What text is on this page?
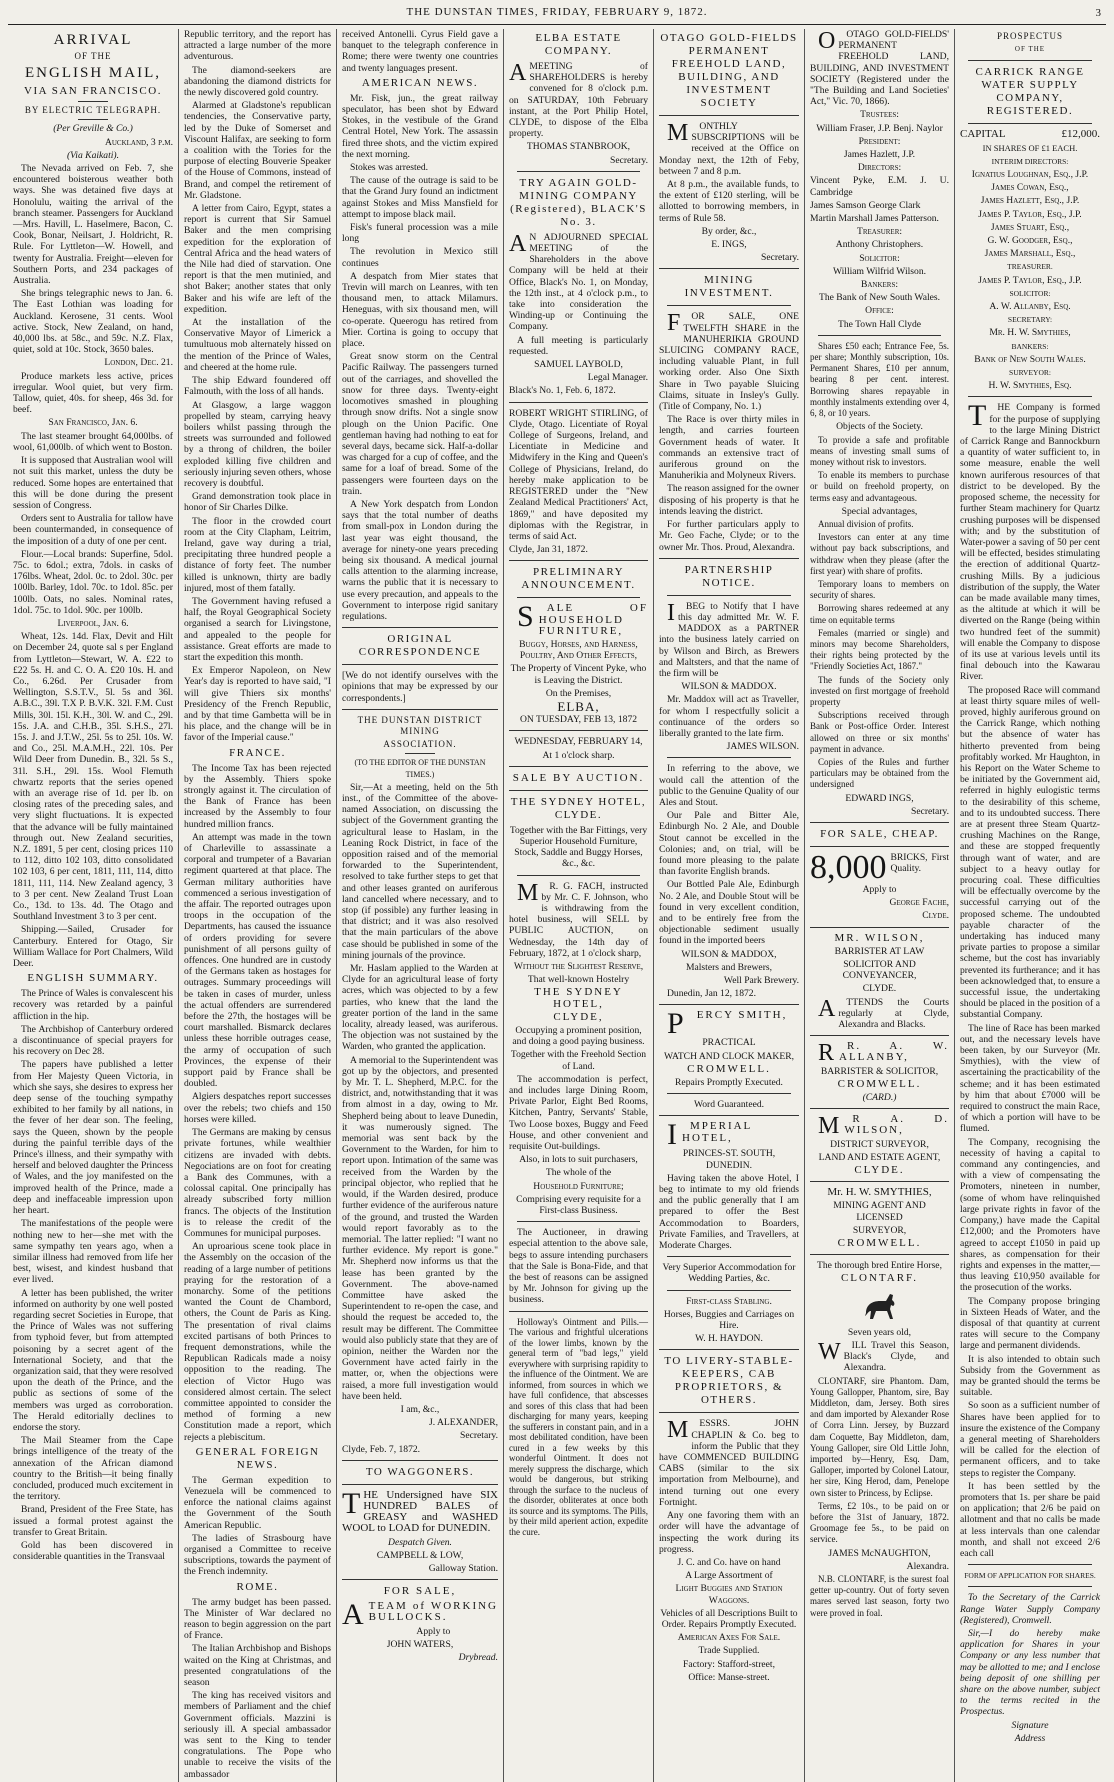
THE DUNSTAN TIMES, FRIDAY, FEBRUARY 9, 1872.	3
ARRIVAL
OF THE
ENGLISH MAIL,
VIA SAN FRANCISCO.
BY ELECTRIC TELEGRAPH.

(Per Greville & Co.)

Auckland, 3 p.m.

(Via Kaikati).

The Nevada arrived on Feb. 7, she encountered boisterous weather both ways. She was detained five days at Honolulu, waiting the arrival of the branch steamer. Passengers for Auckland—Mrs. Havill, L. Haselmere, Bacon, C. Cook, Bonar, Neilsart, J. Holdricht, R. Rule. For Lyttleton—W. Howell, and twenty for Australia. Freight—eleven for Southern Ports, and 234 packages of Australia.

She brings telegraphic news to Jan. 6. The East Lothian was loading for Auckland. Kerosene, 31 cents. Wool active. Stock, New Zealand, on hand, 40,000 lbs. at 58c., and 59c. N.Z. Flax, quiet, sold at 10c. Stock, 3650 bales.

London, Dec. 21.

Produce markets less active, prices irregular. Wool quiet, but very firm. Tallow, quiet, 40s. for sheep, 46s 3d. for beef.

San Francisco, Jan. 6.

The last steamer brought 64,000lbs. of wool, 61,000lb. of which went to Boston.

It is supposed that Australian wool will not suit this market, unless the duty be reduced. Some hopes are entertained that this will be done during the present session of Congress.

Orders sent to Australia for tallow have been countermanded, in consequence of the imposition of a duty of one per cent.

Flour.—Local brands: Superfine, 5dol. 75c. to 6dol.; extra, 7dols. in casks of 176lbs. Wheat, 2dol. 0c. to 2dol. 30c. per 100lb. Barley, 1dol. 70c. to 1dol. 85c. per 100lb. Oats, no sales. Nominal rates, 1dol. 75c. to 1dol. 90c. per 100lb.

Liverpool, Jan. 6.

Wheat, 12s. 14d. Flax, Devit and Hilt on December 24, quote sal s per England from Lyttleton—Stewart, W. A. £22 to £22 5s. H. and C. O. A. £20 10s. H. and Co., 6.26d. Per Crusader from Wellington, S.S.T.V., 5l. 5s and 36l. A.B.C., 39l. T.X P. B.V.K. 32l. F.M. Cust Mills, 30l. 15l. K.H., 30l. W. and C., 29l. 15s. J.A. and C.H.B., 35l. S.H.S., 27l. 15s. J. and J.T.W., 25l. 5s to 25l. 10s. W. and Co., 25l. M.A.M.H., 22l. 10s. Per Wild Deer from Dunedin. B., 32l. 5s S., 31l. S.H., 29l. 15s. Wool Flemuth chwartz reports that the series opened with an average rise of 1d. per lb. on closing rates of the preceding sales, and very slight fluctuations. It is expected that the advance will be fully maintained through out. New Zealand securities, N.Z. 1891, 5 per cent, closing prices 110 to 112, ditto 102 103, ditto consolidated 102 103, 6 per cent, 1811, 111, 114, ditto 1811, 111, 114. New Zealand agency, 3 to 3 per cent. New Zealand Trust Loan Co., 13d. to 13s. 4d. The Otago and Southland Investment 3 to 3 per cent.

Shipping.—Sailed, Crusader for Canterbury. Entered for Otago, Sir William Wallace for Port Chalmers, Wild Deer.

ENGLISH SUMMARY.

The Prince of Wales is convalescent his recovery was retarded by a painful affliction in the hip.

The Archbishop of Canterbury ordered a discontinuance of special prayers for his recovery on Dec 28.

The papers have published a letter from Her Majesty Queen Victoria, in which she says, she desires to express her deep sense of the touching sympathy exhibited to her family by all nations, in the fever of her dear son. The feeling, says the Queen, shown by the people during the painful terrible days of the Prince's illness, and their sympathy with herself and beloved daughter the Princess of Wales, and the joy manifested on the improved health of the Prince, made a deep and ineffaceable impression upon her heart.

The manifestations of the people were nothing new to her—she met with the same sympathy ten years ago, when a similar illness had removed from life her best, wisest, and kindest husband that ever lived.

A letter has been published, the writer informed on authority by one well posted regarding secret Societies in Europe, that the Prince of Wales was not suffering from typhoid fever, but from attempted poisoning by a secret agent of the International Society, and that the organization said, that they were resolved upon the death of the Prince, and the public as sections of some of the members was urged as corroboration. The Herald editorially declines to endorse the story.

The Mail Steamer from the Cape brings intelligence of the treaty of the annexation of the African diamond country to the British—it being finally concluded, produced much excitement in the territory.

Brand, President of the Free State, has issued a formal protest against the transfer to Great Britain.

Gold has been discovered in considerable quantities in the Transvaal

Republic territory, and the report has attracted a large number of the more adventurous.

The diamond-seekers are abandoning the diamond districts for the newly discovered gold country.

Alarmed at Gladstone's republican tendencies, the Conservative party, led by the Duke of Somerset and Viscount Halifax, are seeking to form a coalition with the Tories for the purpose of electing Bouverie Speaker of the House of Commons, instead of Brand, and compel the retirement of Mr. Gladstone.

A letter from Cairo, Egypt, states a report is current that Sir Samuel Baker and the men comprising expedition for the exploration of Central Africa and the head waters of the Nile had died of starvation. One report is that the men mutinied, and shot Baker; another states that only Baker and his wife are left of the expedition.

At the installation of the Conservative Mayor of Limerick a tumultuous mob alternately hissed on the mention of the Prince of Wales, and cheered at the home rule.

The ship Edward foundered off Falmouth, with the loss of all hands.

At Glasgow, a large waggon propelled by steam, carrying heavy boilers whilst passing through the streets was surrounded and followed by a throng of children, the boiler exploded killing five children and seriously injuring seven others, whose recovery is doubtful.

Grand demonstration took place in honor of Sir Charles Dilke.

The floor in the crowded court room at the City Clapham, Leitrim, Ireland, gave way during a trial, precipitating three hundred people a distance of forty feet. The number killed is unknown, thirty are badly injured, most of them fatally.

The Government having refused a half, the Royal Geographical Society organised a search for Livingstone, and appealed to the people for assistance. Great efforts are made to start the expedition this month.

Ex Emperor Napoleon, on New Year's day is reported to have said, "I will give Thiers six months' Presidency of the French Republic, and by that time Gambetta will be in his place, and the change will be in favor of the Imperial cause."

FRANCE.

The Income Tax has been rejected by the Assembly. Thiers spoke strongly against it. The circulation of the Bank of France has been increased by the Assembly to four hundred million francs.

An attempt was made in the town of Charleville to assassinate a corporal and trumpeter of a Bavarian regiment quartered at that place. The German military authorities have commenced a serious investigation of the affair. The reported outrages upon troops in the occupation of the Departments, has caused the issuance of orders providing for severe punishment of all persons guilty of offences. One hundred are in custody of the Germans taken as hostages for outrages. Summary proceedings will be taken in cases of murder, unless the actual offenders are surrendered before the 27th, the hostages will be court marshalled. Bismarck declares unless these horrible outrages cease, the army of occupation of such Provinces, the expense of their support paid by France shall be doubled.

Algiers despatches report successes over the rebels; two chiefs and 150 horses were killed.

The Germans are making by census private fortunes, while wealthier citizens are invaded with debts. Negociations are on foot for creating a Bank des Communes, with a colossal capital. One principally has already subscribed forty million francs. The objects of the Institution is to release the credit of the Communes for municipal purposes.

An uproarious scene took place in the Assembly on the occasion of the reading of a large number of petitions praying for the restoration of a monarchy. Some of the petitions wanted the Count de Chambord, others, the Count de Paris as King. The presentation of rival claims excited partisans of both Princes to frequent demonstrations, while the Republican Radicals made a noisy opposition to the reading. The election of Victor Hugo was considered almost certain. The select committee appointed to consider the method of forming a new Constitution made a report, which rejects a plebiscitum.

GENERAL FOREIGN NEWS.

The German expedition to Venezuela will be commenced to enforce the national claims against the Government of the South American Republic.

The ladies of Strasbourg have organised a Committee to receive subscriptions, towards the payment of the French indemnity.

ROME.

The army budget has been passed. The Minister of War declared no reason to begin aggression on the part of France.

The Italian Archbishop and Bishops waited on the King at Christmas, and presented congratulations of the season

The king has received visitors and members of Parliament and the chief Government officials. Mazzini is seriously ill. A special ambassador was sent to the King to tender congratulations. The Pope who unable to receive the visits of the ambassador

received Antonelli. Cyrus Field gave a banquet to the telegraph conference in Rome; there were twenty one countries and twenty languages present.

AMERICAN NEWS.

Mr. Fisk, jun., the great railway speculator, has been shot by Edward Stokes, in the vestibule of the Grand Central Hotel, New York. The assassin fired three shots, and the victim expired the next morning.

Stokes was arrested.

The cause of the outrage is said to be that the Grand Jury found an indictment against Stokes and Miss Mansfield for attempt to impose black mail.

Fisk's funeral procession was a mile long

The revolution in Mexico still continues

A despatch from Mier states that Trevin will march on Leanres, with ten thousand men, to attack Milamurs. Heneguas, with six thousand men, will co-operate. Queerogu has retired from Mier. Cortina is going to occupy that place.

Great snow storm on the Central Pacific Railway. The passengers turned out of the carriages, and shovelled the snow for three days. Twenty-eight locomotives smashed in ploughing through snow drifts. Not a single snow plough on the Union Pacific. One gentleman having had nothing to eat for several days, became sick. Half-a-dollar was charged for a cup of coffee, and the same for a loaf of bread. Some of the passengers were fourteen days on the train.

A New York despatch from London says that the total number of deaths from small-pox in London during the last year was eight thousand, the average for ninety-one years preceding being six thousand. A medical journal calls attention to the alarming increase, warns the public that it is necessary to use every precaution, and appeals to the Government to interpose rigid sanitary regulations.

ORIGINAL CORRESPONDENCE

[We do not identify ourselves with the opinions that may be expressed by our correspondents.]

THE DUNSTAN DISTRICT MINING
ASSOCIATION.

(TO THE EDITOR OF THE DUNSTAN TIMES.)

Sir,—At a meeting, held on the 5th inst., of the Committee of the above-named Association, on discussing the subject of the Government granting the agricultural lease to Haslam, in the Leaning Rock District, in face of the opposition raised and of the memorial forwarded to the Superintendent, resolved to take further steps to get that and other leases granted on auriferous land cancelled where necessary, and to stop (if possible) any further leasing in that district; and it was also resolved that the main particulars of the above case should be published in some of the mining journals of the province.

Mr. Haslam applied to the Warden at Clyde for an agricultural lease of forty acres, which was objected to by a few parties, who knew that the land the greater portion of the land in the same locality, already leased, was auriferous. The objection was not sustained by the Warden, who granted the application.

A memorial to the Superintendent was got up by the objectors, and presented by Mr. T. L. Shepherd, M.P.C. for the district, and, notwithstanding that it was from almost in a day, owing to Mr. Shepherd being about to leave Dunedin, it was numerously signed. The memorial was sent back by the Government to the Warden, for him to report upon. Intimation of the same was received from the Warden by the principal objector, who replied that he would, if the Warden desired, produce further evidence of the auriferous nature of the ground, and trusted the Warden would report favorably as to the memorial. The latter replied: "I want no further evidence. My report is gone." Mr. Shepherd now informs us that the lease has been granted by the Government. The above-named Committee have asked the Superintendent to re-open the case, and should the request be acceded to, the result may be different. The Committee would also publicly state that they are of opinion, neither the Warden nor the Government have acted fairly in the matter, or, when the objections were raised, a more full investigation would have been held.

I am, &c.,

J. ALEXANDER,

Secretary.

Clyde, Feb. 7, 1872.

TO WAGGONERS.

THE Undersigned have SIX HUNDRED BALES of GREASY and WASHED WOOL to LOAD for DUNEDIN.

Despatch Given.

CAMPBELL & LOW,

Galloway Station.

FOR SALE,

ATEAM of WORKING BULLOCKS.

Apply to

JOHN WATERS,

Drybread.

ELBA ESTATE COMPANY.

AMEETING of SHAREHOLDERS is hereby convened for 8 o'clock p.m. on SATURDAY, 10th February instant, at the Port Philip Hotel, CLYDE, to dispose of the Elba property.

THOMAS STANBROOK,

Secretary.

TRY AGAIN GOLD-MINING COMPANY (Registered), BLACK'S No. 3.

A N ADJOURNED SPECIAL MEETING of the Shareholders in the above Company will be held at their Office, Black's No. 1, on Monday, the 12th inst., at 4 o'clock p.m., to take into consideration the Winding-up or Continuing the Company.

A full meeting is particularly requested.

SAMUEL LAYBOLD,

Legal Manager.

Black's No. 1, Feb. 6, 1872.

ROBERT WRIGHT STIRLING, of Clyde, Otago. Licentiate of Royal College of Surgeons, Ireland, and Licentiate in Medicine and Midwifery in the King and Queen's College of Physicians, Ireland, do hereby make application to be REGISTERED under the "New Zealand Medical Practitioners' Act, 1869," and have deposited my diplomas with the Registrar, in terms of said Act.

Clyde, Jan 31, 1872.

PRELIMINARY ANNOUNCEMENT.

S ALE OF HOUSEHOLD FURNITURE,

Buggy, Horses, and Harness, Poultry, And Other Effects,

The Property of Vincent Pyke, who is Leaving the District.

On the Premises,

ELBA,

ON TUESDAY, FEB 13, 1872

WEDNESDAY, FEBRUARY 14,

At 1 o'clock sharp.

SALE BY AUCTION.
THE SYDNEY HOTEL, CLYDE.

Together with the Bar Fittings, very Superior Household Furniture, Stock, Saddle and Buggy Horses, &c., &c.

M R. G. FACH, instructed by Mr. C. F. Johnson, who is withdrawing from the hotel business, will SELL by PUBLIC AUCTION, on Wednesday, the 14th day of February, 1872, at 1 o'clock sharp,

Without the Slightest Reserve,

That well-known Hostelry

THE SYDNEY HOTEL,

CLYDE,

Occupying a prominent position, and doing a good paying business.

Together with the Freehold Section of Land.

The accommodation is perfect, and includes large Dining Room, Private Parlor, Eight Bed Rooms, Kitchen, Pantry, Servants' Stable, Two Loose boxes, Buggy and Feed House, and other convenient and requisite Out-buildings.

Also, in lots to suit purchasers,

The whole of the

Household Furniture;

Comprising every requisite for a First-class Business.

The Auctioneer, in drawing especial attention to the above sale, begs to assure intending purchasers that the Sale is Bona-Fide, and that the best of reasons can be assigned by Mr. Johnson for giving up the business.

Holloway's Ointment and Pills.—The various and frightful ulcerations of the lower limbs, known by the general term of "bad legs," yield everywhere with surprising rapidity to the influence of the Ointment. We are informed, from sources in which we have full confidence, that abscesses and sores of this class that had been discharging for many years, keeping the sufferers in constant pain, and in a most debilitated condition, have been cured in a few weeks by this wonderful Ointment. It does not merely suppress the discharge, which would be dangerous, but striking through the surface to the nucleus of the disorder, obliterates at once both its source and its symptoms. The Pills, by their mild aperient action, expedite the cure.

OTAGO GOLD-FIELDS PERMANENT FREEHOLD LAND, BUILDING, AND INVESTMENT SOCIETY

M ONTHLY SUBSCRIPTIONS will be received at the Office on Monday next, the 12th of Feby, between 7 and 8 p.m.

At 8 p.m., the available funds, to the extent of £120 sterling, will be allotted to borrowing members, in terms of Rule 58.

By order, &c.,

E. INGS,

Secretary.

MINING INVESTMENT.

F OR SALE, ONE TWELFTH SHARE in the MANUHERIKIA GROUND SLUICING COMPANY RACE, including valuable Plant, in full working order. Also One Sixth Share in Two payable Sluicing Claims, situate in Insley's Gully. (Title of Company, No. 1.)

The Race is over thirty miles in length, and carries fourteen Government heads of water. It commands an extensive tract of auriferous ground on the Manuherikia and Molyneux Rivers.

The reason assigned for the owner disposing of his property is that he intends leaving the district.

For further particulars apply to Mr. Geo Fache, Clyde; or to the owner Mr. Thos. Proud, Alexandra.

PARTNERSHIP NOTICE.

I BEG to Notify that I have this day admitted Mr. W. F. MADDOX as a PARTNER into the business lately carried on by Wilson and Birch, as Brewers and Maltsters, and that the name of the firm will be

WILSON & MADDOX.

Mr. Maddox will act as Traveller, for whom I respectfully solicit a continuance of the orders so liberally granted to the late firm.

JAMES WILSON.

In referring to the above, we would call the attention of the public to the Genuine Quality of our Ales and Stout.

Our Pale and Bitter Ale, Edinburgh No. 2 Ale, and Double Stout cannot be excelled in the Colonies; and, on trial, will be found more pleasing to the palate than favorite English brands.

Our Bottled Pale Ale, Edinburgh No. 2 Ale, and Double Stout will be found in very excellent condition, and to be entirely free from the objectionable sediment usually found in the imported beers

WILSON & MADDOX,

Malsters and Brewers,

Well Park Brewery.

Dunedin, Jan 12, 1872.

P ERCY SMITH,

PRACTICAL

WATCH AND CLOCK MAKER,

CROMWELL.

Repairs Promptly Executed.

Word Guaranteed.

I MPERIAL HOTEL,

PRINCES-ST. SOUTH, DUNEDIN.

Having taken the above Hotel, I beg to intimate to my old friends and the public generally that I am prepared to offer the Best Accommodation to Boarders, Private Families, and Travellers, at Moderate Charges.

Very Superior Accommodation for Wedding Parties, &c.

First-class Stabling.

Horses, Buggies and Carriages on Hire.

W. H. HAYDON.

TO LIVERY-STABLE-KEEPERS, CAB PROPRIETORS, & OTHERS.

M ESSRS. JOHN CHAPLIN & Co. beg to inform the Public that they have COMMENCED BUILDING CABS (similar to the six importation from Melbourne), and intend turning out one every Fortnight.

Any one favoring them with an order will have the advantage of inspecting the work during its progress.

J. C. and Co. have on hand

A Large Assortment of

Light Buggies and Station Waggons.

Vehicles of all Descriptions Built to Order. Repairs Promptly Executed.

American Axes For Sale.

Trade Supplied.

Factory: Stafford-street,

Office: Manse-street.

O OTAGO GOLD-FIELDS' PERMANENT FREEHOLD LAND, BUILDING, AND INVESTMENT SOCIETY (Registered under the "The Building and Land Societies' Act," Vic. 70, 1866).

Trustees:

William Fraser, J.P. Benj. Naylor

President:

James Hazlett, J.P.

Directors:

Vincent Pyke, E.M. J. U. Cambridge

James Samson George Clark

Martin Marshall James Patterson.

Treasurer:

Anthony Christophers.

Solicitor:

William Wilfrid Wilson.

Bankers:

The Bank of New South Wales.

Office:

The Town Hall Clyde

Shares £50 each; Entrance Fee, 5s. per share; Monthly subscription, 10s. Permanent Shares, £10 per annum, bearing 8 per cent. interest. Borrowing shares repayable in monthly instalments extending over 4, 6, 8, or 10 years.

Objects of the Society.

To provide a safe and profitable means of investing small sums of money without risk to investors.

To enable its members to purchase or build on freehold property, on terms easy and advantageous.

Special advantages,

Annual division of profits.

Investors can enter at any time without pay back subscriptions, and withdraw when they please (after the first year) with share of profits.

Temporary loans to members on security of shares.

Borrowing shares redeemed at any time on equitable terms

Females (married or single) and minors may become Shareholders, their rights being protected by the "Friendly Societies Act, 1867."

The funds of the Society only invested on first mortgage of freehold property

Subscriptions received through Bank or Post-office Order. Interest allowed on three or six months' payment in advance.

Copies of the Rules and further particulars may be obtained from the undersigned

EDWARD INGS,

Secretary.

FOR SALE, CHEAP.

8,000 BRICKS, First Quality.

Apply to

George Fache,

Clyde.

MR. WILSON,

BARRISTER AT LAW

SOLICITOR AND CONVEYANCER,

CLYDE.

A TTENDS the Courts regularly at Clyde, Alexandra and Blacks.

R R. A. W. ALLANBY,

BARRISTER & SOLICITOR,

CROMWELL.

(CARD.)

M R A. D. WILSON,

DISTRICT SURVEYOR,

LAND AND ESTATE AGENT,

CLYDE.

Mr. H. W. SMYTHIES,

MINING AGENT AND LICENSED

SURVEYOR,

CROMWELL.

The thorough bred Entire Horse,

CLONTARF.

Seven years old,

W ILL Travel this Season, Black's Clyde, and Alexandra.

CLONTARF, sire Phantom. Dam, Young Gallopper, Phantom, sire, Bay Middleton, dam, Jersey. Both sires and dam imported by Alexander Rose of Corra Linn. Jersey, by Buzzard dam Coquette, Bay Middleton, dam, Young Galloper, sire Old Little John, imported by—Henry, Esq. Dam, Galloper, imported by Colonel Latour, her sire, King Herod, dam, Penelope own sister to Princess, by Eclipse.

Terms, £2 10s., to be paid on or before the 31st of January, 1872. Groomage fee 5s., to be paid on service.

JAMES McNAUGHTON,

Alexandra.

N.B. CLONTARF, is the surest foal getter up-country. Out of forty seven mares served last season, forty two were proved in foal.

PROSPECTUS
OF THE
CARRICK RANGE WATER SUPPLY COMPANY, REGISTERED.

CAPITAL	£12,000.

IN SHARES OF £1 EACH.

INTERIM DIRECTORS:

Ignatius Loughnan, Esq., J.P.

James Cowan, Esq.,

James Hazlett, Esq., J.P.

James P. Taylor, Esq., J.P.

James Stuart, Esq.,

G. W. Goodger, Esq.,

James Marshall, Esq.,

TREASURER.

James P. Taylor, Esq., J.P.

SOLICITOR:

A. W. Allanby, Esq.

SECRETARY:

Mr. H. W. Smythies,

BANKERS:

Bank of New South Wales.

SURVEYOR:

H. W. Smythies, Esq.

T HE Company is formed for the purpose of supplying to the large Mining District of Carrick Range and Bannockburn a quantity of water sufficient to, in some measure, enable the well known auriferous resources of that district to be developed. By the proposed scheme, the necessity for further Steam machinery for Quartz crushing purposes will be dispensed with; and by the substitution of Water-power a saving of 50 per cent will be effected, besides stimulating the erection of additional Quartz-crushing Mills. By a judicious distribution of the supply, the Water can be made available many times, as the altitude at which it will be diverted on the Range (being within two hundred feet of the summit) will enable the Company to dispose of its use at various levels until its final debouch into the Kawarau River.

The proposed Race will command at least thirty square miles of well-proved, highly auriferous ground on the Carrick Range, which nothing but the absence of water has hitherto prevented from being profitably worked. Mr Haughton, in his Report on the Water Scheme to be initiated by the Government aid, referred in highly eulogistic terms to the desirability of this scheme, and to its undoubted success. There are at present three Steam Quartz-crushing Machines on the Range, and these are stopped frequently through want of water, and are subject to a heavy outlay for procuring coal. These difficulties will be effectually overcome by the successful carrying out of the proposed scheme. The undoubted payable character of the undertaking has induced many private parties to propose a similar scheme, but the cost has invariably prevented its furtherance; and it has been acknowledged that, to ensure a successful issue, the undertaking should be placed in the position of a substantial Company.

The line of Race has been marked out, and the necessary levels have been taken, by our Surveyor (Mr. Smythies), with the view of ascertaining the practicability of the scheme; and it has been estimated by him that about £7000 will be required to construct the main Race, of which a portion will have to be flumed.

The Company, recognising the necessity of having a capital to command any contingencies, and with a view of compensating the Promoters, nineteen in number, (some of whom have relinquished large private rights in favor of the Company,) have made the Capital £12,000; and the Promoters have agreed to accept £1050 in paid up shares, as compensation for their rights and expenses in the matter,—thus leaving £10,950 available for the prosecution of the works.

The Company propose bringing in Sixteen Heads of Water, and the disposal of that quantity at current rates will secure to the Company large and permanent dividends.

It is also intended to obtain such Subsidy from the Government as may be granted should the terms be suitable.

So soon as a sufficient number of Shares have been applied for to insure the existence of the Company a general meeting of Shareholders will be called for the election of permanent officers, and to take steps to register the Company.

It has been settled by the promoters that 1s. per share be paid on application; that 2/6 be paid on allotment and that no calls be made at less intervals than one calendar month, and shall not exceed 2/6 each call

FORM OF APPLICATION FOR SHARES.

To the Secretary of the Carrick Range Water Supply Company (Registered), Cromwell.

Sir,—I do hereby make application for Shares in your Company or any less number that may be allotted to me; and I enclose being deposit of one shilling per share on the above number, subject to the terms recited in the Prospectus.

Signature

Address
